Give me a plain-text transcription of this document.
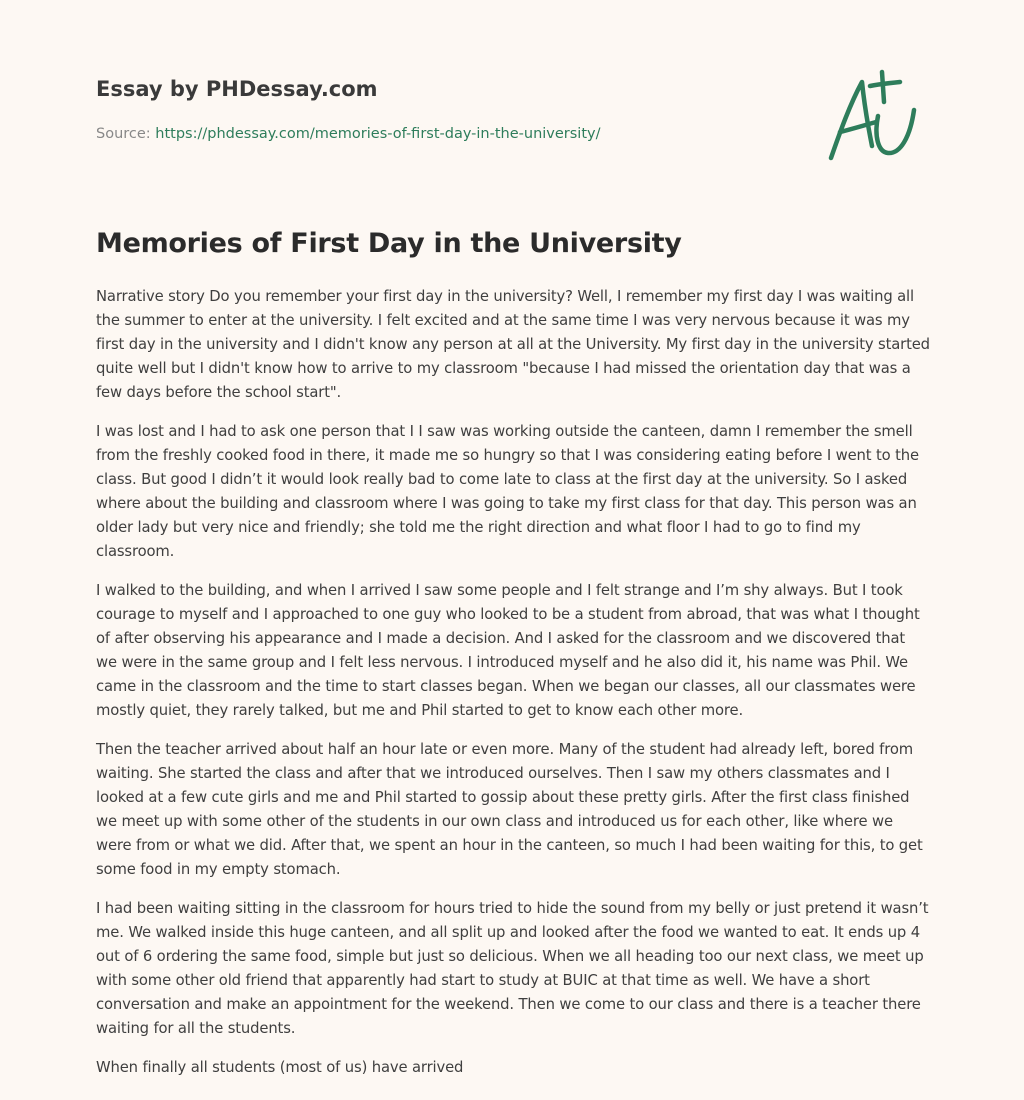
Essay by PHDessay.com
Source: https://phdessay.com/memories-of-first-day-in-the-university/
Memories of First Day in the University

Narrative story Do you remember your first day in the university? Well, I remember my first day I was waiting all the summer to enter at the university. I felt excited and at the same time I was very nervous because it was my first day in the university and I didn't know any person at all at the University. My first day in the university started quite well but I didn't know how to arrive to my classroom "because I had missed the orientation day that was a few days before the school start".

I was lost and I had to ask one person that I I saw was working outside the canteen, damn I remember the smell from the freshly cooked food in there, it made me so hungry so that I was considering eating before I went to the class. But good I didn’t it would look really bad to come late to class at the first day at the university. So I asked where about the building and classroom where I was going to take my first class for that day. This person was an older lady but very nice and friendly; she told me the right direction and what floor I had to go to find my classroom.

I walked to the building, and when I arrived I saw some people and I felt strange and I’m shy always. But I took courage to myself and I approached to one guy who looked to be a student from abroad, that was what I thought of after observing his appearance and I made a decision. And I asked for the classroom and we discovered that we were in the same group and I felt less nervous. I introduced myself and he also did it, his name was Phil. We came in the classroom and the time to start classes began. When we began our classes, all our classmates were mostly quiet, they rarely talked, but me and Phil started to get to know each other more.

Then the teacher arrived about half an hour late or even more. Many of the student had already left, bored from waiting. She started the class and after that we introduced ourselves. Then I saw my others classmates and I looked at a few cute girls and me and Phil started to gossip about these pretty girls. After the first class finished we meet up with some other of the students in our own class and introduced us for each other, like where we were from or what we did. After that, we spent an hour in the canteen, so much I had been waiting for this, to get some food in my empty stomach.

I had been waiting sitting in the classroom for hours tried to hide the sound from my belly or just pretend it wasn’t me. We walked inside this huge canteen, and all split up and looked after the food we wanted to eat. It ends up 4 out of 6 ordering the same food, simple but just so delicious. When we all heading too our next class, we meet up with some other old friend that apparently had start to study at BUIC at that time as well. We have a short conversation and make an appointment for the weekend. Then we come to our class and there is a teacher there waiting for all the students.

When finally all students (most of us) have arrived
